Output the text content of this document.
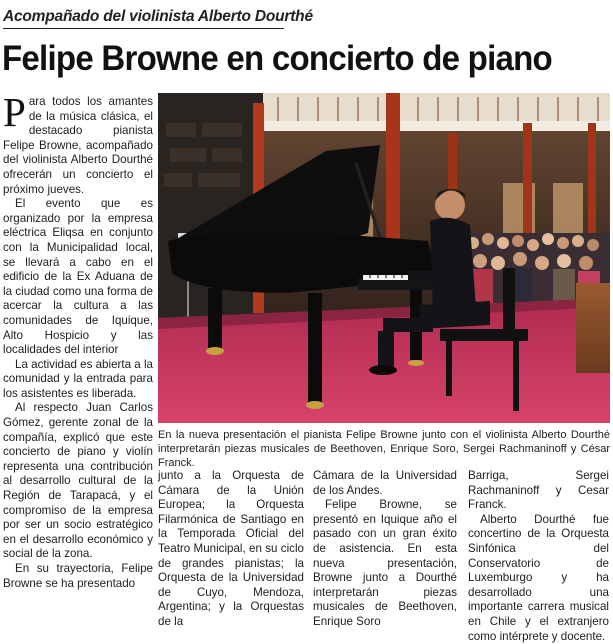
Acompañado del violinista Alberto Dourthé
Felipe Browne en concierto de piano

Para todos los amantes de la música clásica, el destacado pianista Felipe Browne, acompañado del violinista Alberto Dourthé ofrecerán un concierto el próximo jueves.

El evento que es organizado por la empresa eléctrica Eliqsa en conjunto con la Municipalidad local, se llevará a cabo en el edificio de la Ex Aduana de la ciudad como una forma de acercar la cultura a las comunidades de Iquique, Alto Hospicio y las localidades del interior

La actividad es abierta a la comunidad y la entrada para los asistentes es liberada.

Al respecto Juan Carlos Gómez, gerente zonal de la compañía, explicó que este concierto de piano y violín representa una contribución al desarrollo cultural de la Región de Tarapacá, y el compromiso de la empresa por ser un socio estratégico en el desarrollo económico y social de la zona.

En su trayectoria, Felipe Browne se ha presentado

En la nueva presentación el pianista Felipe Browne junto con el violinista Alberto Dourthé interpretarán piezas musicales de Beethoven, Enrique Soro, Sergei Rachmaninoff y César Franck.

junto a la Orquesta de Cámara de la Unión Europea; la Orquesta Filarmónica de Santiago en la Temporada Oficial del Teatro Municipal, en su ciclo de grandes pianistas; la Orquesta de la Universidad de Cuyo, Mendoza, Argentina; y la Orquestas de la

Cámara de la Universidad de los Andes.

Felipe Browne, se presentó en Iquique año el pasado con un gran éxito de asistencia. En esta nueva presentación, Browne junto a Dourthé interpretarán piezas musicales de Beethoven, Enrique Soro

Barriga, Sergei Rachmaninoff y Cesar Franck.

Alberto Dourthé fue concertino de la Orquesta Sinfónica del Conservatorio de Luxemburgo y ha desarrollado una importante carrera musical en Chile y el extranjero como intérprete y docente.
